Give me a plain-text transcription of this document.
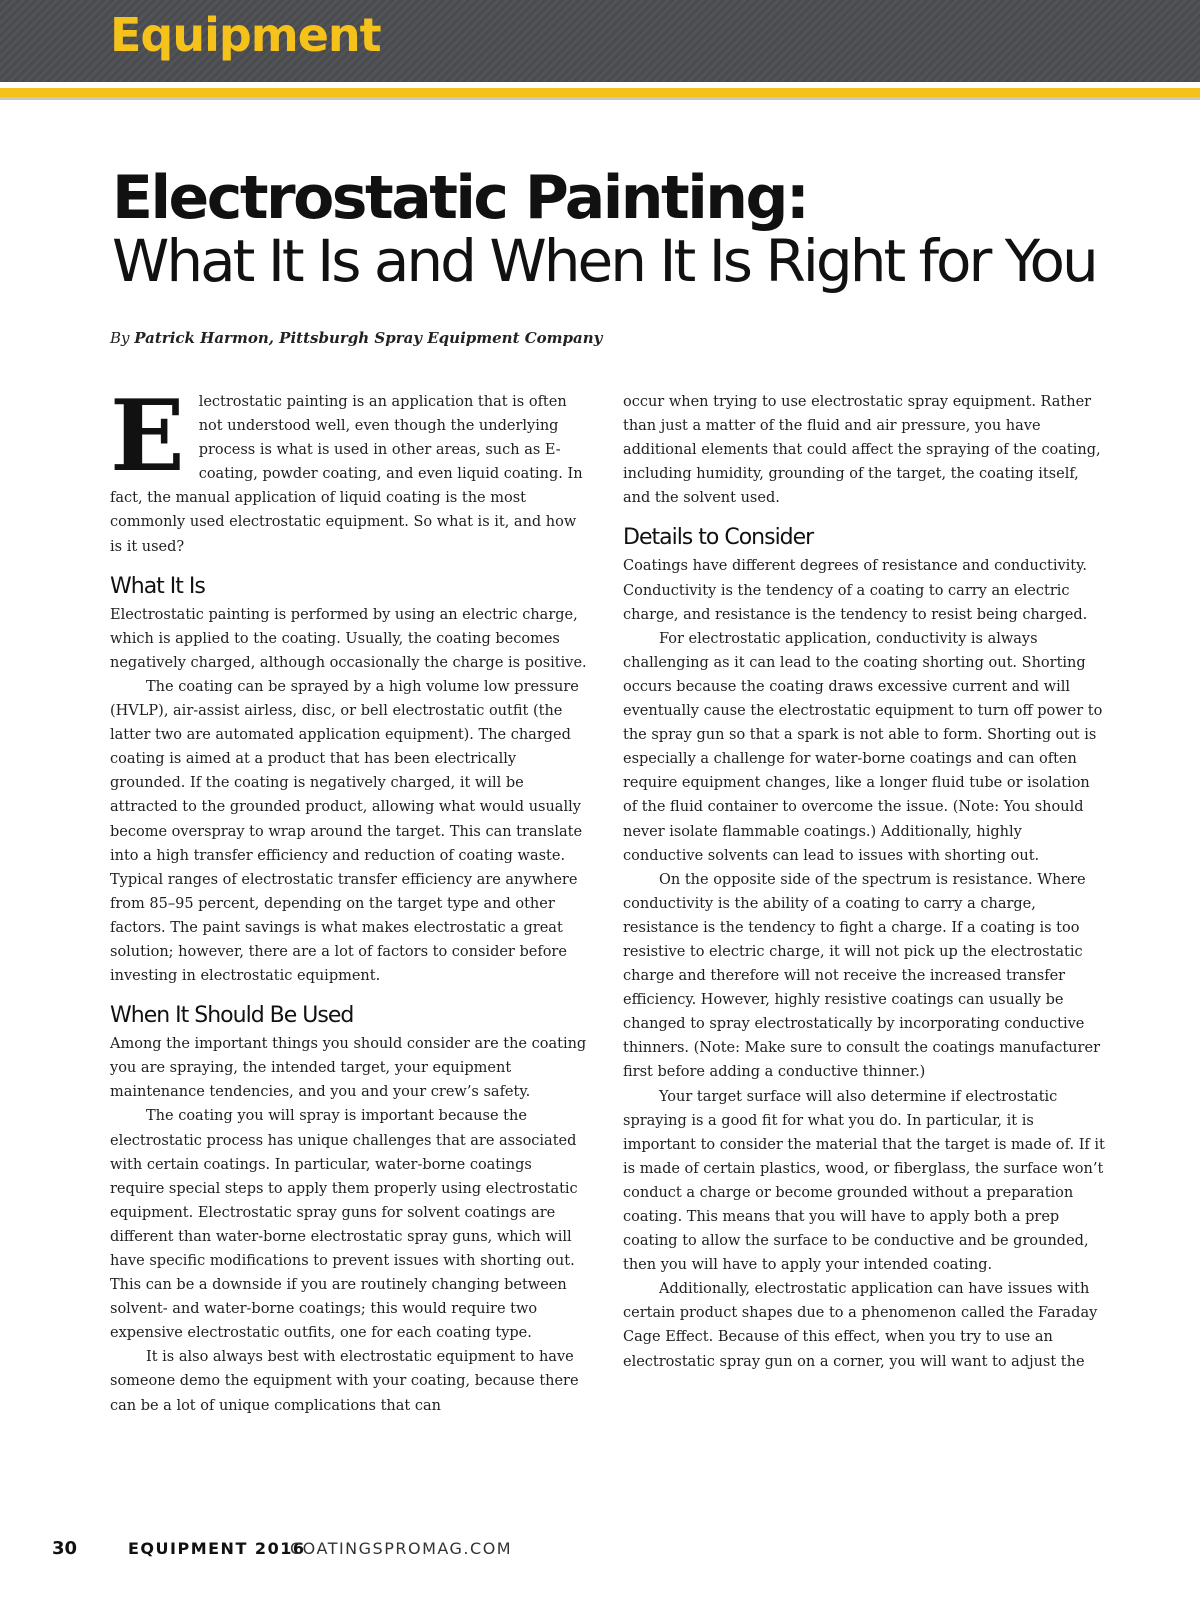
Equipment
Electrostatic Painting:
What It Is and When It Is Right for You
By Patrick Harmon, Pittsburgh Spray Equipment Company

Electrostatic painting is an application that is often not understood well, even though the underlying process is what is used in other areas, such as E-coating, powder coating, and even liquid coating. In fact, the manual application of liquid coating is the most commonly used electrostatic equipment. So what is it, and how is it used?

What It Is

Electrostatic painting is performed by using an electric charge, which is applied to the coating. Usually, the coating becomes negatively charged, although occasionally the charge is positive.

The coating can be sprayed by a high volume low pressure (HVLP), air-assist airless, disc, or bell electrostatic outfit (the latter two are automated application equipment). The charged coating is aimed at a product that has been electrically grounded. If the coating is negatively charged, it will be attracted to the grounded product, allowing what would usually become overspray to wrap around the target. This can translate into a high transfer efficiency and reduction of coating waste. Typical ranges of electrostatic transfer efficiency are anywhere from 85–95 percent, depending on the target type and other factors. The paint savings is what makes electrostatic a great solution; however, there are a lot of factors to consider before investing in electrostatic equipment.

When It Should Be Used

Among the important things you should consider are the coating you are spraying, the intended target, your equipment maintenance tendencies, and you and your crew’s safety.

The coating you will spray is important because the electrostatic process has unique challenges that are associated with certain coatings. In particular, water-borne coatings require special steps to apply them properly using electrostatic equipment. Electrostatic spray guns for solvent coatings are different than water-borne electrostatic spray guns, which will have specific modifications to prevent issues with shorting out. This can be a downside if you are routinely changing between solvent- and water-borne coatings; this would require two expensive electrostatic outfits, one for each coating type.

It is also always best with electrostatic equipment to have someone demo the equipment with your coating, because there can be a lot of unique complications that can

occur when trying to use electrostatic spray equipment. Rather than just a matter of the fluid and air pressure, you have additional elements that could affect the spraying of the coating, including humidity, grounding of the target, the coating itself, and the solvent used.

Details to Consider

Coatings have different degrees of resistance and conductivity. Conductivity is the tendency of a coating to carry an electric charge, and resistance is the tendency to resist being charged.

For electrostatic application, conductivity is always challenging as it can lead to the coating shorting out. Shorting occurs because the coating draws excessive current and will eventually cause the electrostatic equipment to turn off power to the spray gun so that a spark is not able to form. Shorting out is especially a challenge for water-borne coatings and can often require equipment changes, like a longer fluid tube or isolation of the fluid container to overcome the issue. (Note: You should never isolate flammable coatings.) Additionally, highly conductive solvents can lead to issues with shorting out.

On the opposite side of the spectrum is resistance. Where conductivity is the ability of a coating to carry a charge, resistance is the tendency to fight a charge. If a coating is too resistive to electric charge, it will not pick up the electrostatic charge and therefore will not receive the increased transfer efficiency. However, highly resistive coatings can usually be changed to spray electrostatically by incorporating conductive thinners. (Note: Make sure to consult the coatings manufacturer first before adding a conductive thinner.)

Your target surface will also determine if electrostatic spraying is a good fit for what you do. In particular, it is important to consider the material that the target is made of. If it is made of certain plastics, wood, or fiberglass, the surface won’t conduct a charge or become grounded without a preparation coating. This means that you will have to apply both a prep coating to allow the surface to be conductive and be grounded, then you will have to apply your intended coating.

Additionally, electrostatic application can have issues with certain product shapes due to a phenomenon called the Faraday Cage Effect. Because of this effect, when you try to use an electrostatic spray gun on a corner, you will want to adjust the

30	EQUIPMENT 2016
COATINGSPROMAG.COM
